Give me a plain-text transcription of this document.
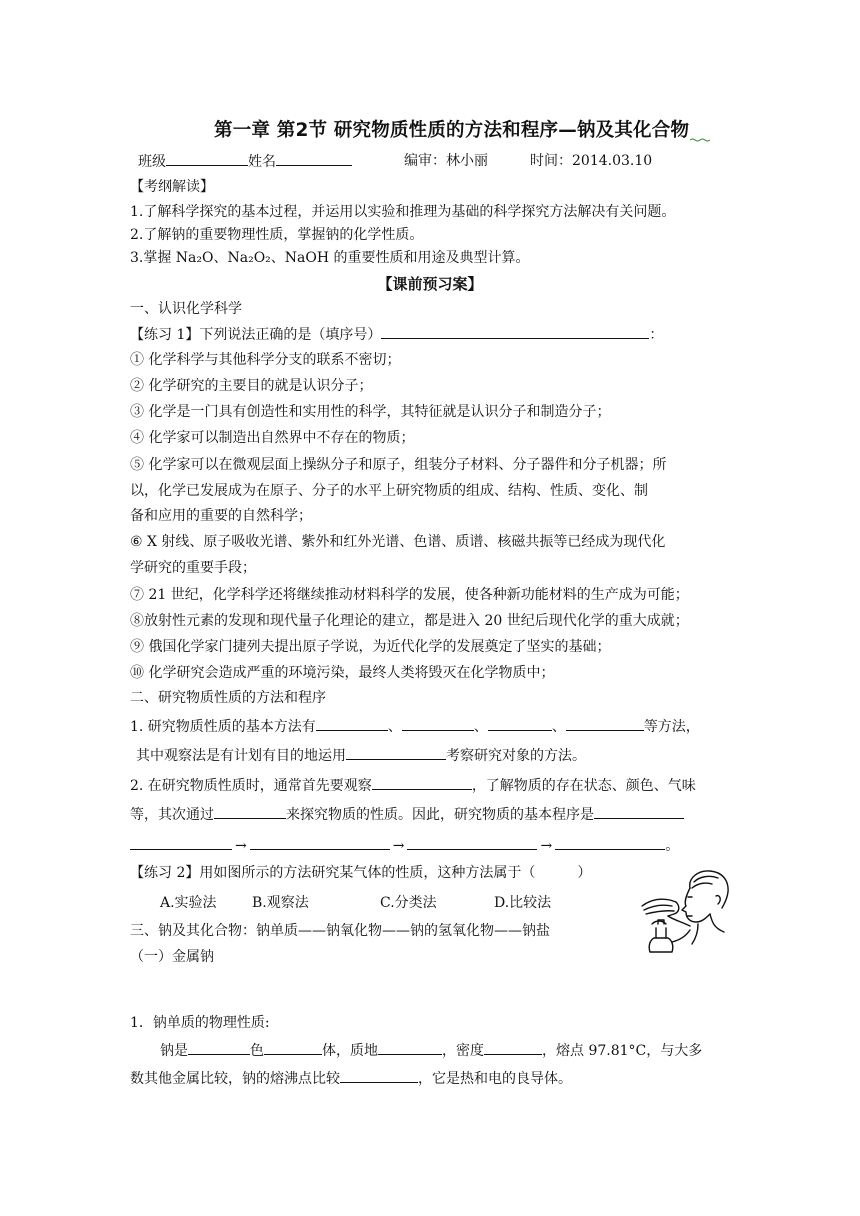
第一章 第2节 研究物质性质的方法和程序—钠及其化合物
班级	姓名	编审：林小丽	时间：2014.03.10
【考纲解读】
1.了解科学探究的基本过程，并运用以实验和推理为基础的科学探究方法解决有关问题。
2.了解钠的重要物理性质，掌握钠的化学性质。
3.掌握 Na₂O、Na₂O₂、NaOH 的重要性质和用途及典型计算。
【课前预习案】
一、认识化学科学
【练习 1】下列说法正确的是（填序号）	：
① 化学科学与其他科学分支的联系不密切；
② 化学研究的主要目的就是认识分子；
③ 化学是一门具有创造性和实用性的科学，其特征就是认识分子和制造分子；
④ 化学家可以制造出自然界中不存在的物质；
⑤ 化学家可以在微观层面上操纵分子和原子，组装分子材料、分子器件和分子机器；所
以，化学已发展成为在原子、分子的水平上研究物质的组成、结构、性质、变化、制
备和应用的重要的自然科学；
⑥ X 射线、原子吸收光谱、紫外和红外光谱、色谱、质谱、核磁共振等已经成为现代化
学研究的重要手段；
⑦ 21 世纪，化学科学还将继续推动材料科学的发展，使各种新功能材料的生产成为可能；
⑧放射性元素的发现和现代量子化理论的建立，都是进入 20 世纪后现代化学的重大成就；
⑨ 俄国化学家门捷列夫提出原子学说，为近代化学的发展奠定了坚实的基础；
⑩ 化学研究会造成严重的环境污染，最终人类将毁灭在化学物质中；
二、研究物质性质的方法和程序
1. 研究物质性质的基本方法有	、	、	、	等方法，
其中观察法是有计划有目的地运用	考察研究对象的方法。
2. 在研究物质性质时，通常首先要观察	，了解物质的存在状态、颜色、气味
等，其次通过	来探究物质的性质。因此，研究物质的基本程序是
→	→	→	。
【练习 2】用如图所示的方法研究某气体的性质，这种方法属于（　　　）
A.实验法	B.观察法	C.分类法	D.比较法
三、钠及其化合物：钠单质——钠氧化物——钠的氢氧化物——钠盐
（一）金属钠
1．钠单质的物理性质:
钠是	色	体，质地	，密度	，熔点 97.81°C，与大多
数其他金属比较，钠的熔沸点比较	，它是热和电的良导体。
